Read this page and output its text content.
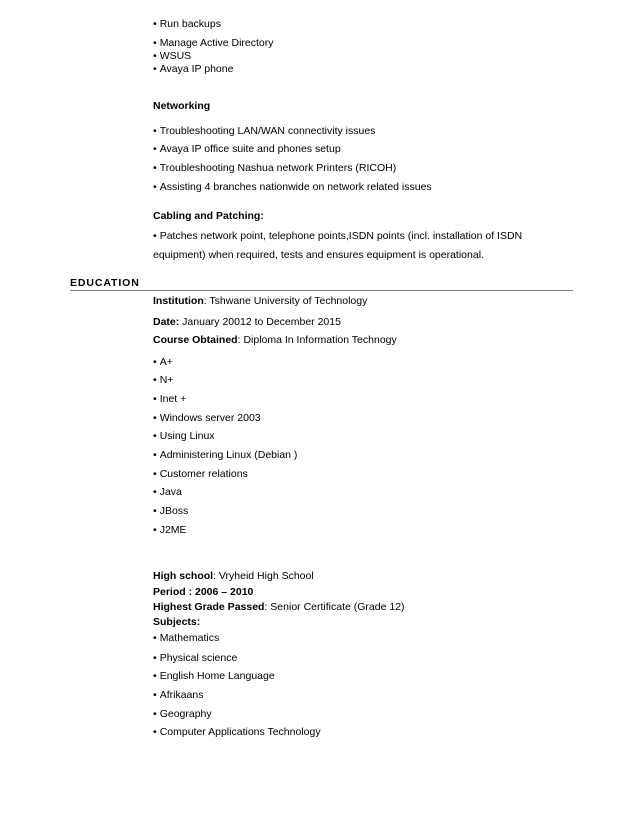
• Run backups
• Manage Active Directory
• WSUS
• Avaya IP phone
Networking
• Troubleshooting LAN/WAN connectivity issues
• Avaya IP office suite and phones setup
• Troubleshooting Nashua network Printers (RICOH)
• Assisting 4 branches nationwide on network related issues
Cabling and Patching:
• Patches network point, telephone points,ISDN points (incl. installation of ISDN
equipment) when required, tests and ensures equipment is operational.
EDUCATION
Institution: Tshwane University of Technology
Date: January 20012 to December 2015
Course Obtained: Diploma In Information Technogy
• A+
• N+
• Inet +
• Windows server 2003
• Using Linux
• Administering Linux (Debian )
• Customer relations
• Java
• JBoss
• J2ME
High school: Vryheid High School
Period : 2006 – 2010
Highest Grade Passed: Senior Certificate (Grade 12)
Subjects:
• Mathematics
• Physical science
• English Home Language
• Afrikaans
• Geography
• Computer Applications Technology
